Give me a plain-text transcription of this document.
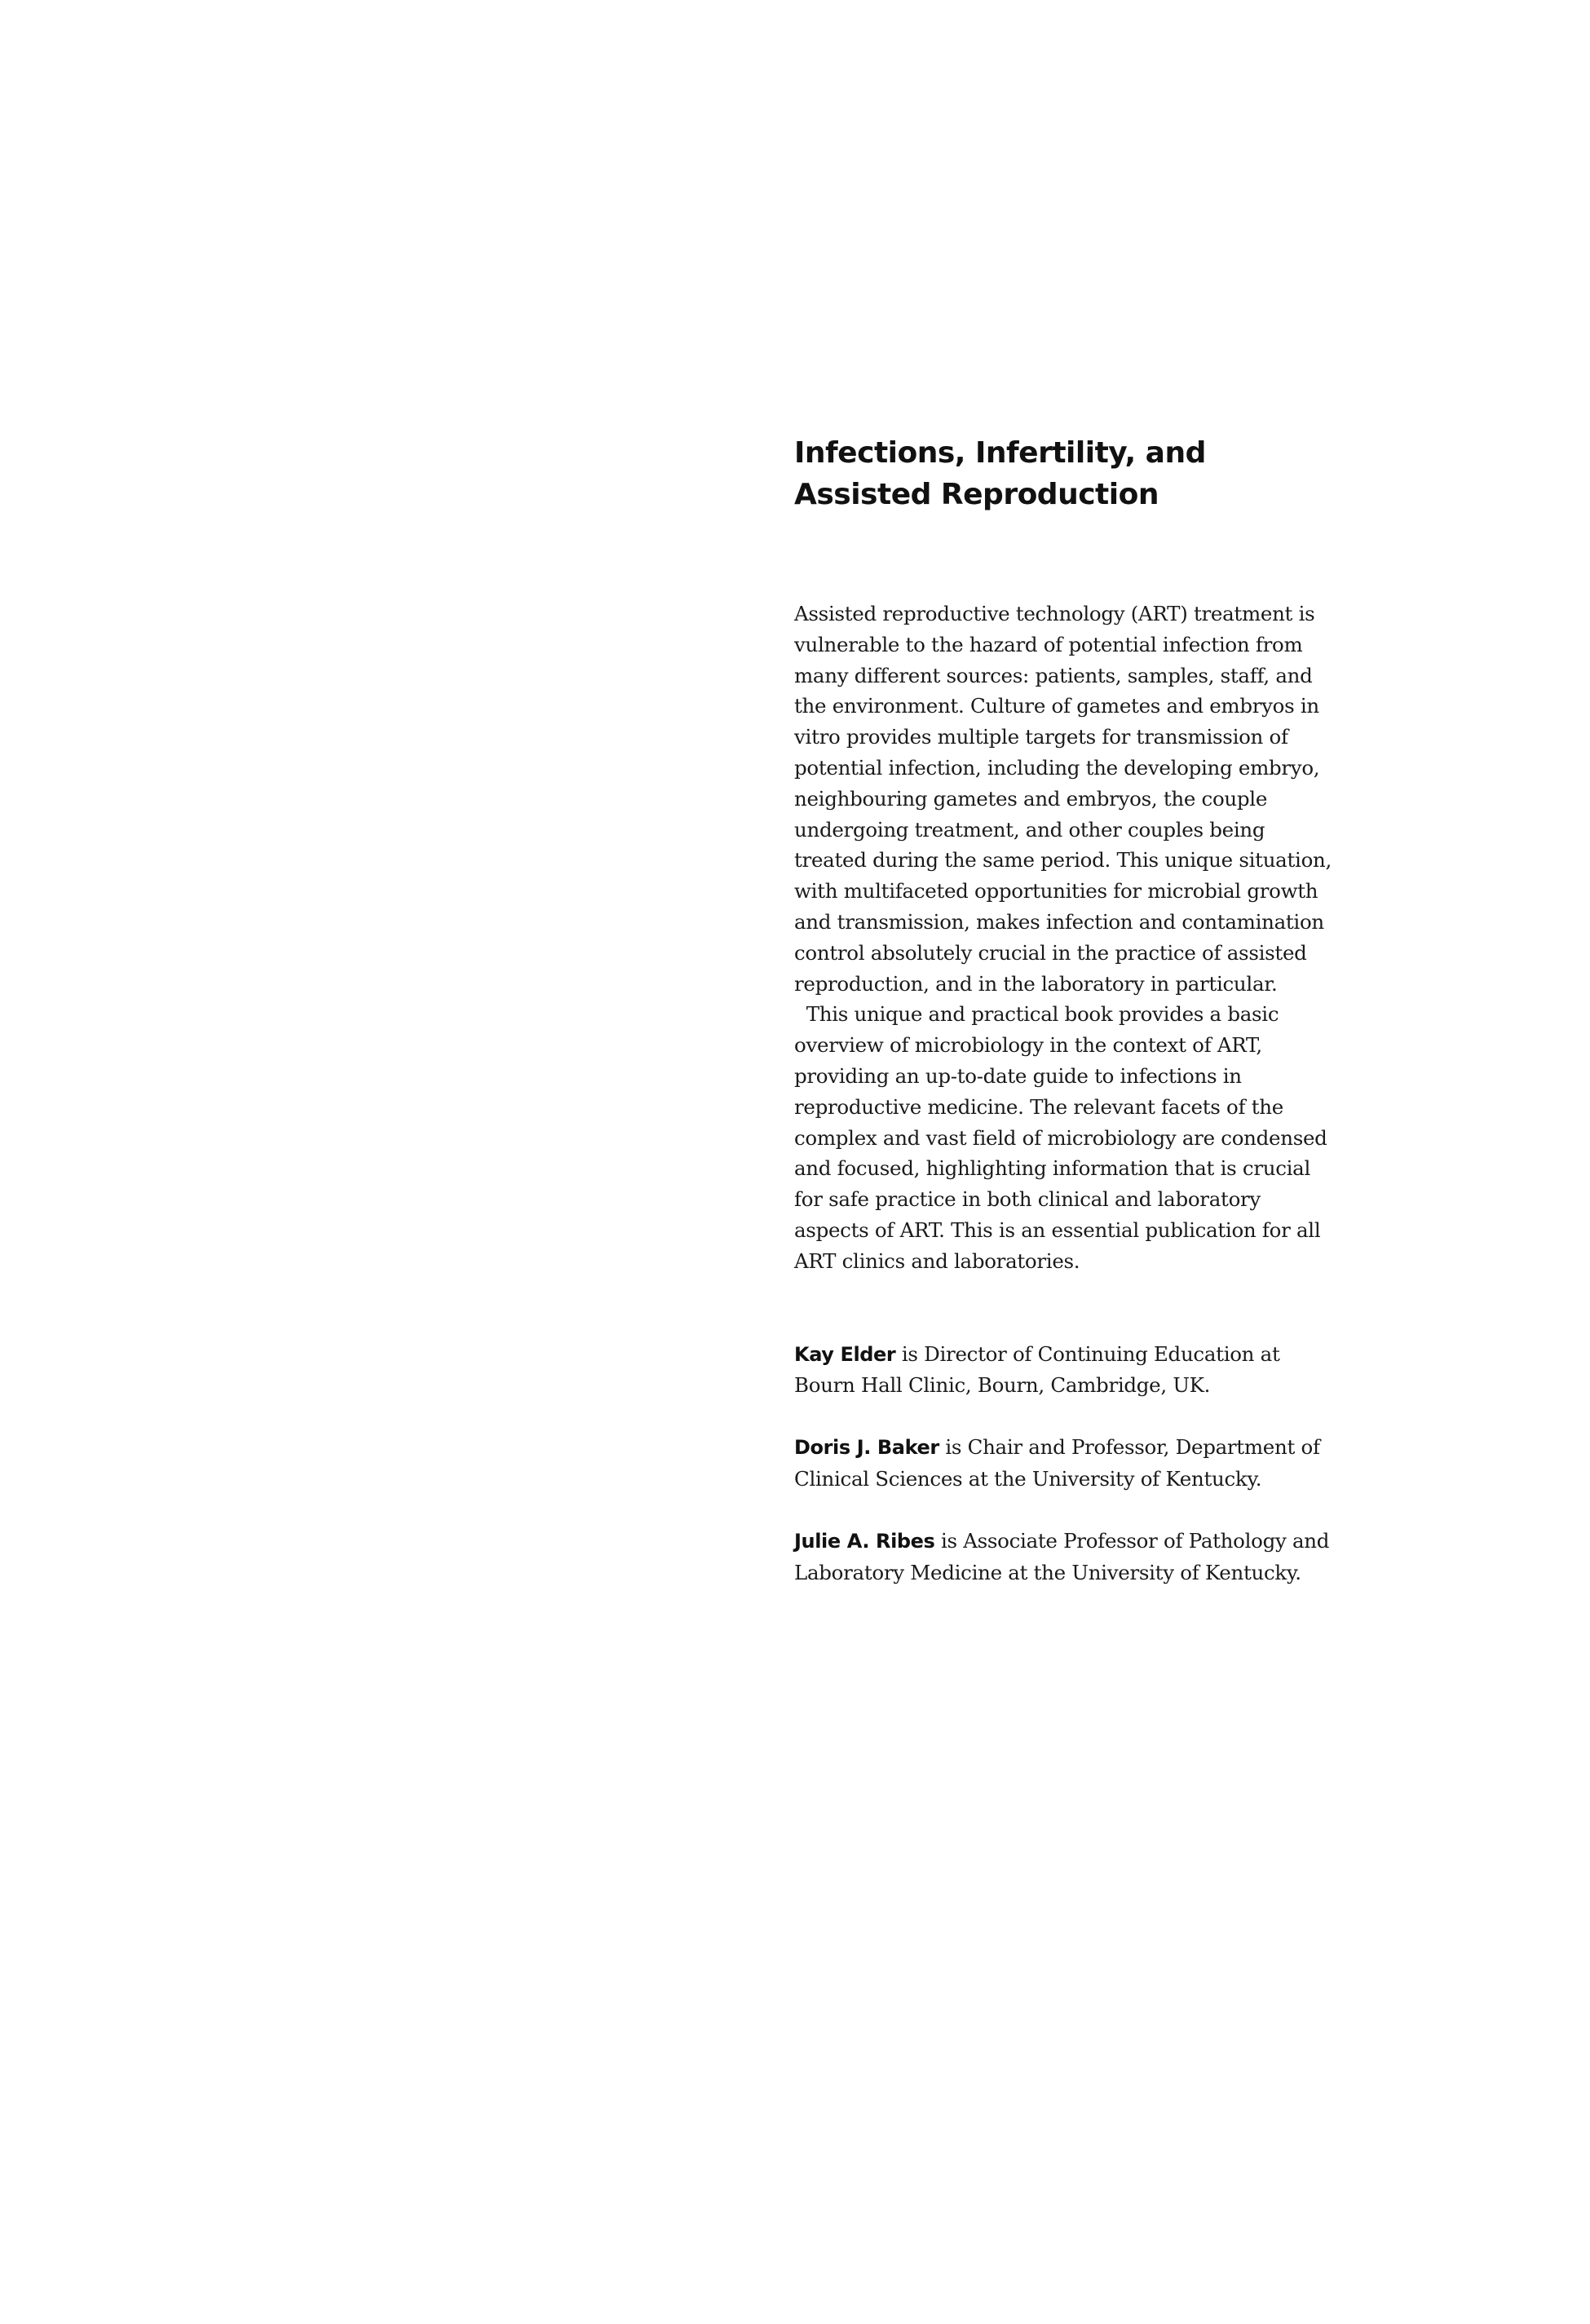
Infections, Infertility, and Assisted Reproduction

Assisted reproductive technology (ART) treatment is vulnerable to the hazard of potential infection from many different sources: patients, samples, staff, and the environment. Culture of gametes and embryos in vitro provides multiple targets for transmission of potential infection, including the developing embryo, neighbouring gametes and embryos, the couple undergoing treatment, and other couples being treated during the same period. This unique situation, with multifaceted opportunities for microbial growth and transmission, makes infection and contamination control absolutely crucial in the practice of assisted reproduction, and in the laboratory in particular.

This unique and practical book provides a basic overview of microbiology in the context of ART, providing an up-to-date guide to infections in reproductive medicine. The relevant facets of the complex and vast field of microbiology are condensed and focused, highlighting information that is crucial for safe practice in both clinical and laboratory aspects of ART. This is an essential publication for all ART clinics and laboratories.

Kay Elder is Director of Continuing Education at Bourn Hall Clinic, Bourn, Cambridge, UK.

Doris J. Baker is Chair and Professor, Department of Clinical Sciences at the University of Kentucky.

Julie A. Ribes is Associate Professor of Pathology and Laboratory Medicine at the University of Kentucky.
